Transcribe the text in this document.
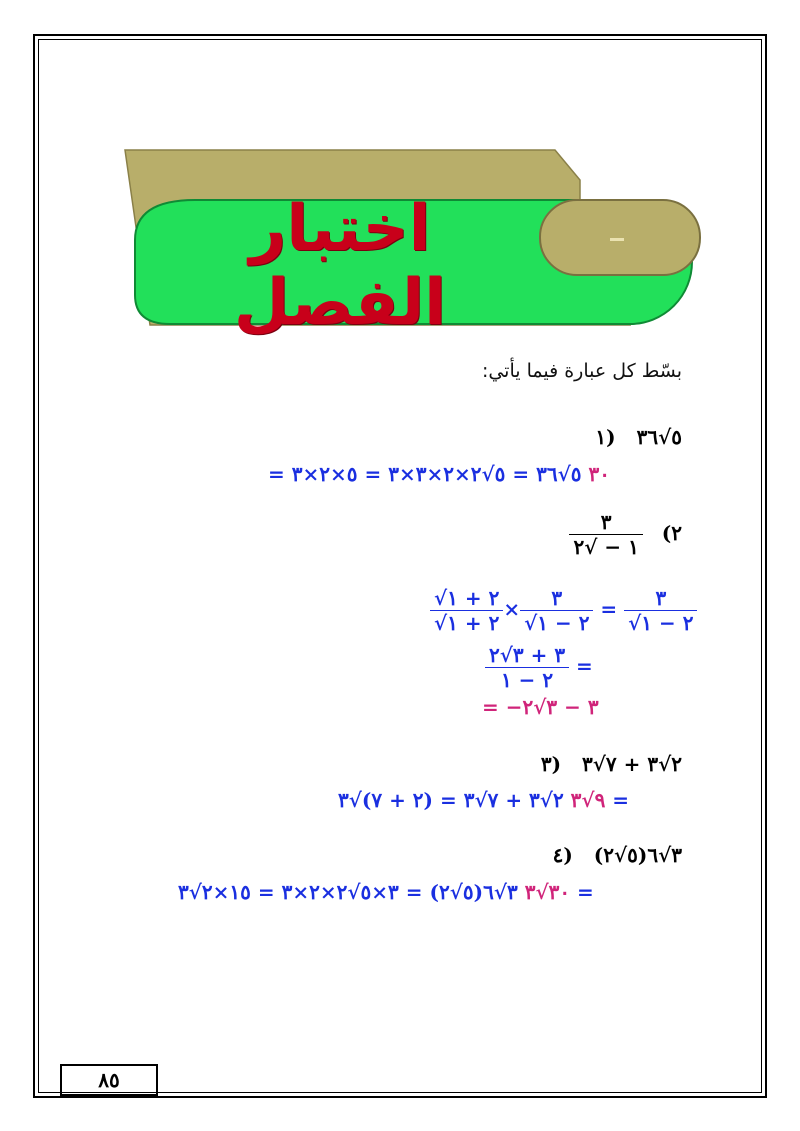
اختبار الفصل
بسّط كل عبارة فيما يأتي:
٥√٣٦ (١
٣٠ ٥√٣٦ = ٥√٢×٢×٣×٣ = ٥×٢×٣ =
$\frac{٣}{١ - √٢}$ (٢
$\frac{√٢ + ١}{√٢ + ١} \times \frac{٣}{√٢ - ١} = \frac{٣}{√٢ - ١}$
$\frac{٣ + ٣√٢}{٢ - ١}$ =
= −٣ − ٣√٢
٢√٣ + ٧√٣ (٣
٩√٣ ٢√٣ + ٧√٣ = (٢ + ٧)√٣ =
٣√٦(٥√٢) (٤
٣٠√٣ ٣√٦(٥√٢) = ٣×٥√٢×٢×٣ = ١٥×٢√٣ =
٨٥
